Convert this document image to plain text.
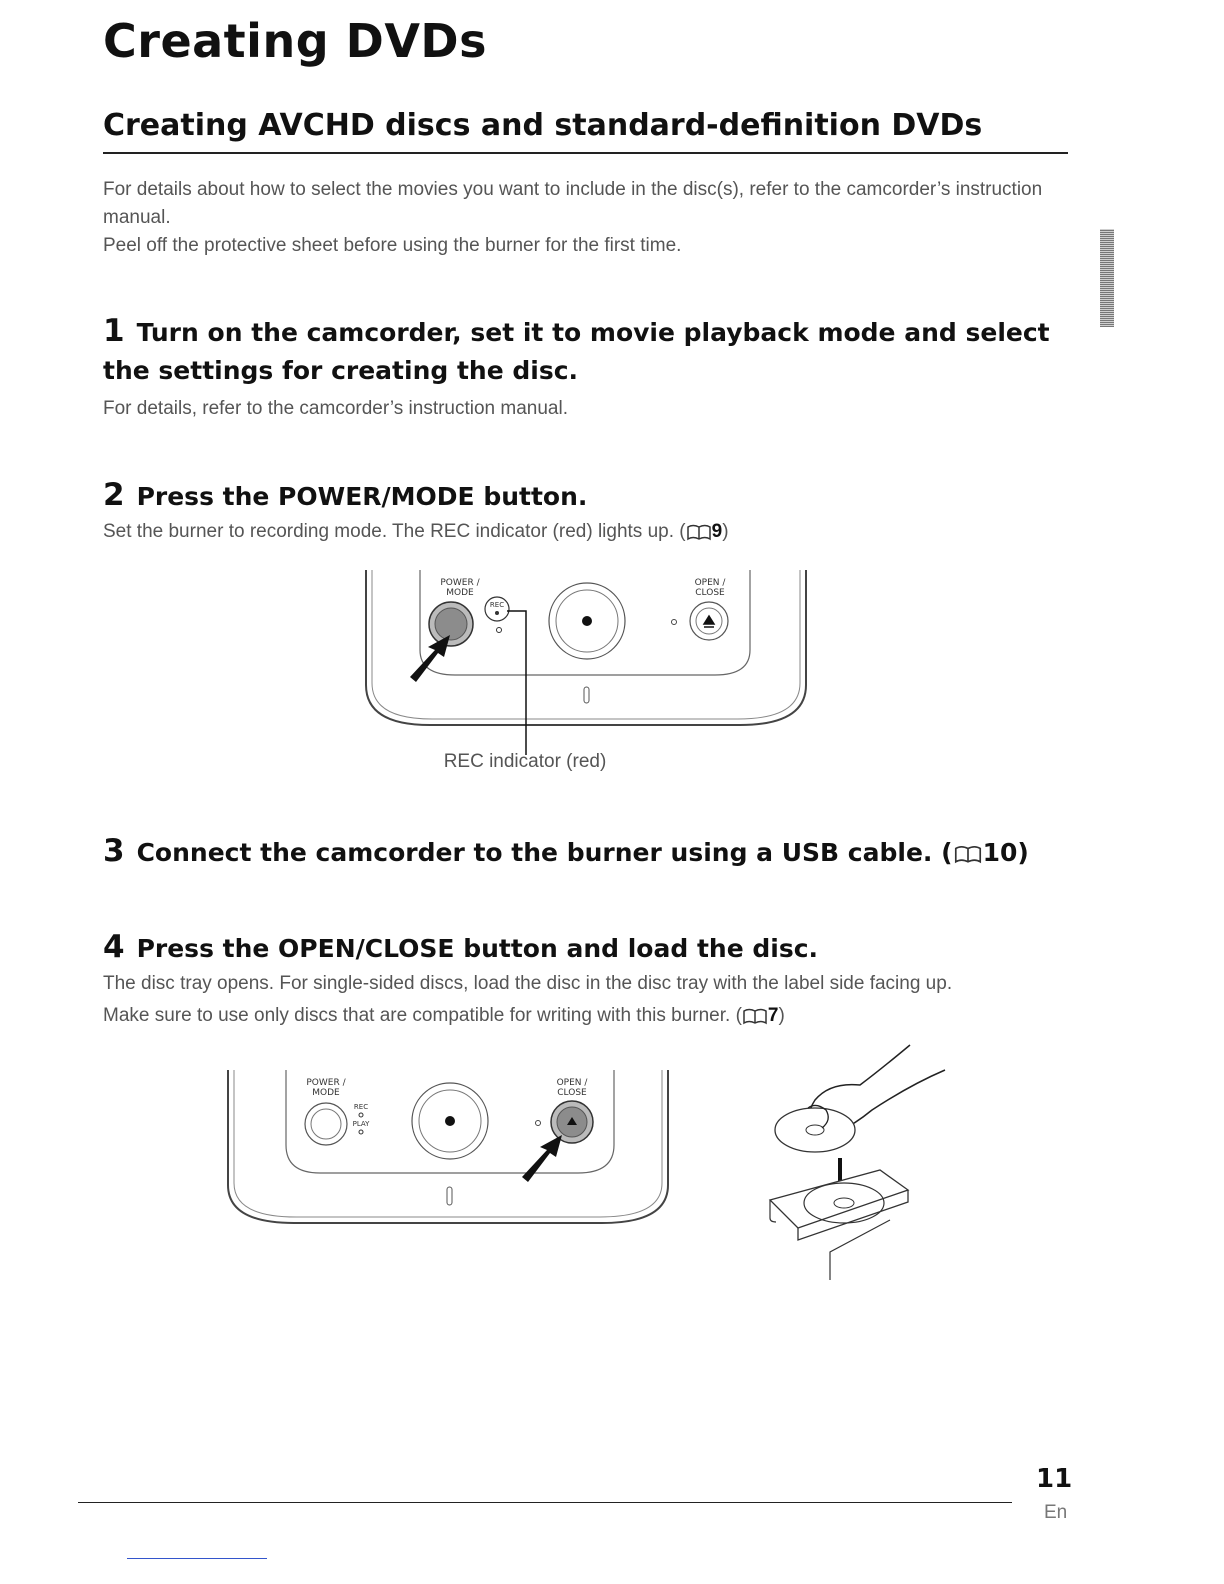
Creating DVDs
Creating AVCHD discs and standard-definition DVDs
For details about how to select the movies you want to include in the disc(s), refer to the camcorder’s instruction manual.
Peel off the protective sheet before using the burner for the first time.
1 Turn on the camcorder, set it to movie playback mode and select the settings for creating the disc.
For details, refer to the camcorder’s instruction manual.
2 Press the POWER/MODE button.
Set the burner to recording mode. The REC indicator (red) lights up. ( 9)
REC
POWER /
MODE
OPEN /
CLOSE
REC indicator (red)
3 Connect the camcorder to the burner using a USB cable. ( 10)
4 Press the OPEN/CLOSE button and load the disc.
The disc tray opens. For single-sided discs, load the disc in the disc tray with the label side facing up.
Make sure to use only discs that are compatible for writing with this burner. ( 7)
POWER /
MODE
REC
PLAY
OPEN /
CLOSE
11
En
